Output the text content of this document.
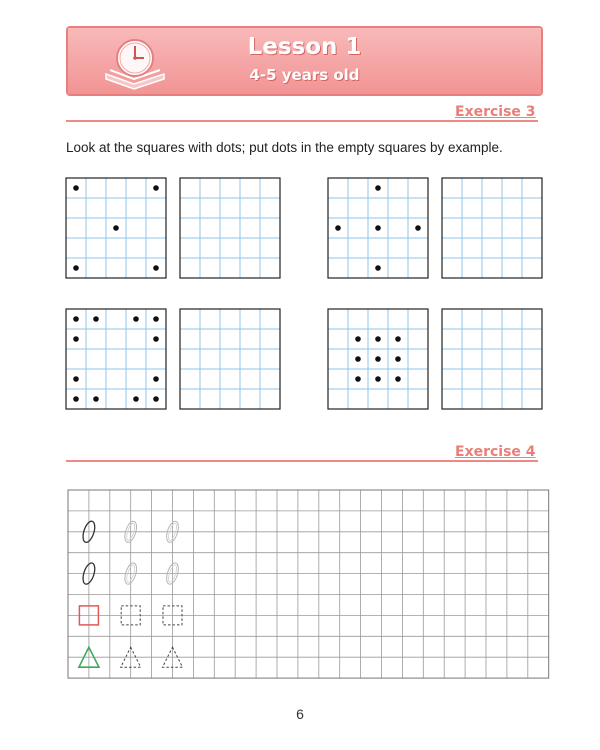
Lesson 1
4-5 years old
Exercise 3
Look at the squares with dots; put dots in the empty squares by example.
Exercise 4
6
